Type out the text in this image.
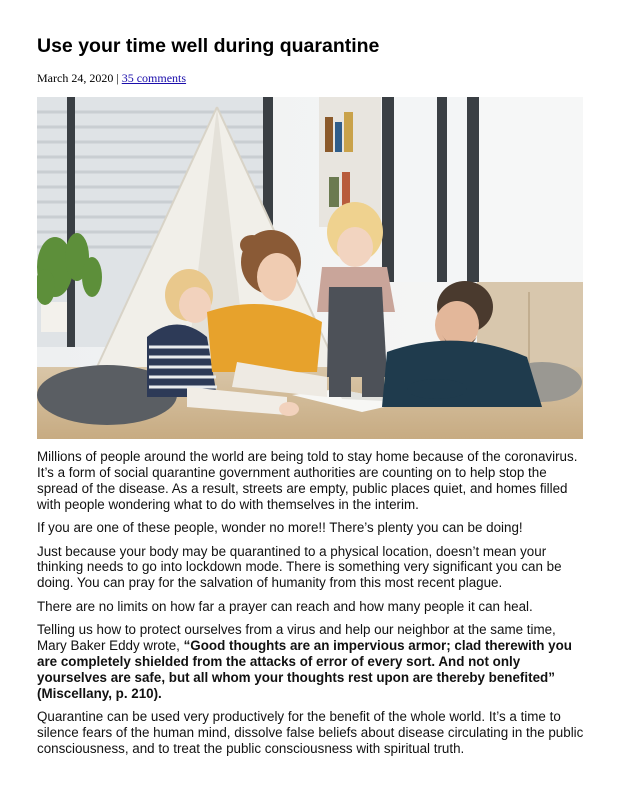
Use your time well during quarantine
March 24, 2020 | 35 comments

Millions of people around the world are being told to stay home because of the coronavirus. It’s a form of social quarantine government authorities are counting on to help stop the spread of the disease. As a result, streets are empty, public places quiet, and homes filled with people wondering what to do with themselves in the interim.

If you are one of these people, wonder no more!! There’s plenty you can be doing!

Just because your body may be quarantined to a physical location, doesn’t mean your thinking needs to go into lockdown mode. There is something very significant you can be doing. You can pray for the salvation of humanity from this most recent plague.

There are no limits on how far a prayer can reach and how many people it can heal.

Telling us how to protect ourselves from a virus and help our neighbor at the same time, Mary Baker Eddy wrote, “Good thoughts are an impervious armor; clad therewith you are completely shielded from the attacks of error of every sort. And not only yourselves are safe, but all whom your thoughts rest upon are thereby benefited” (Miscellany, p. 210).

Quarantine can be used very productively for the benefit of the whole world. It’s a time to silence fears of the human mind, dissolve false beliefs about disease circulating in the public consciousness, and to treat the public consciousness with spiritual truth.
